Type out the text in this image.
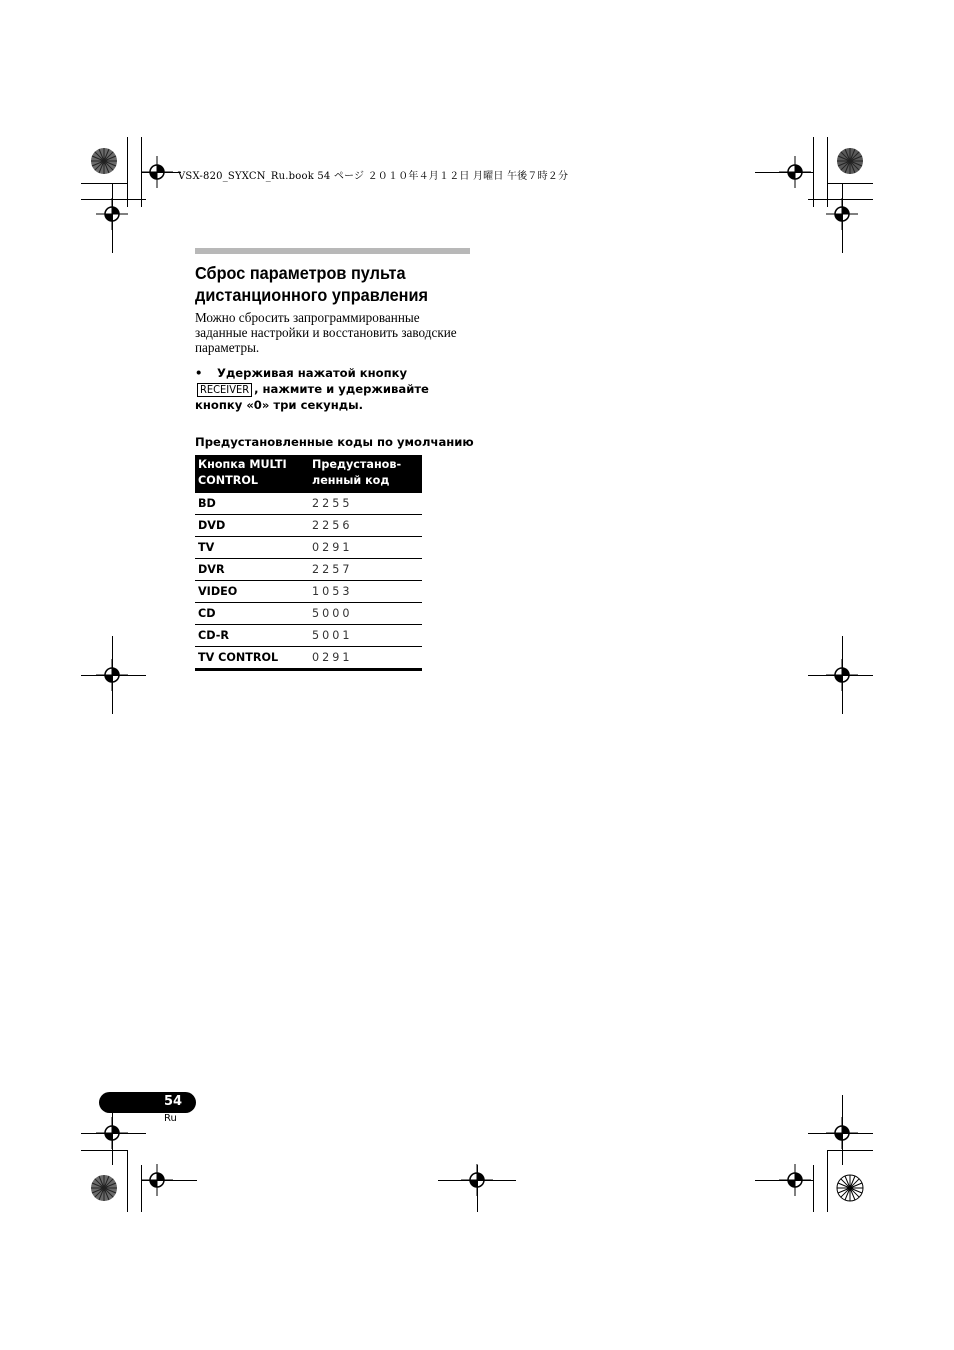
VSX-820_SYXCN_Ru.book 54 ページ ２０１０年４月１２日 月曜日 午後７時２分
Сброс параметров пульта
дистанционного управления

Можно сбросить запрограммированные заданные настройки и восстановить заводские параметры.

• Удерживая нажатой кнопку RECEIVER , нажмите и удерживайте кнопку «0» три секунды.

Предустановленные коды по умолчанию
Кнопка MULTI CONTROL	Предустанов-ленный код
BD	2255
DVD	2256
TV	0291
DVR	2257
VIDEO	1053
CD	5000
CD-R	5001
TV CONTROL	0291
54
Ru
